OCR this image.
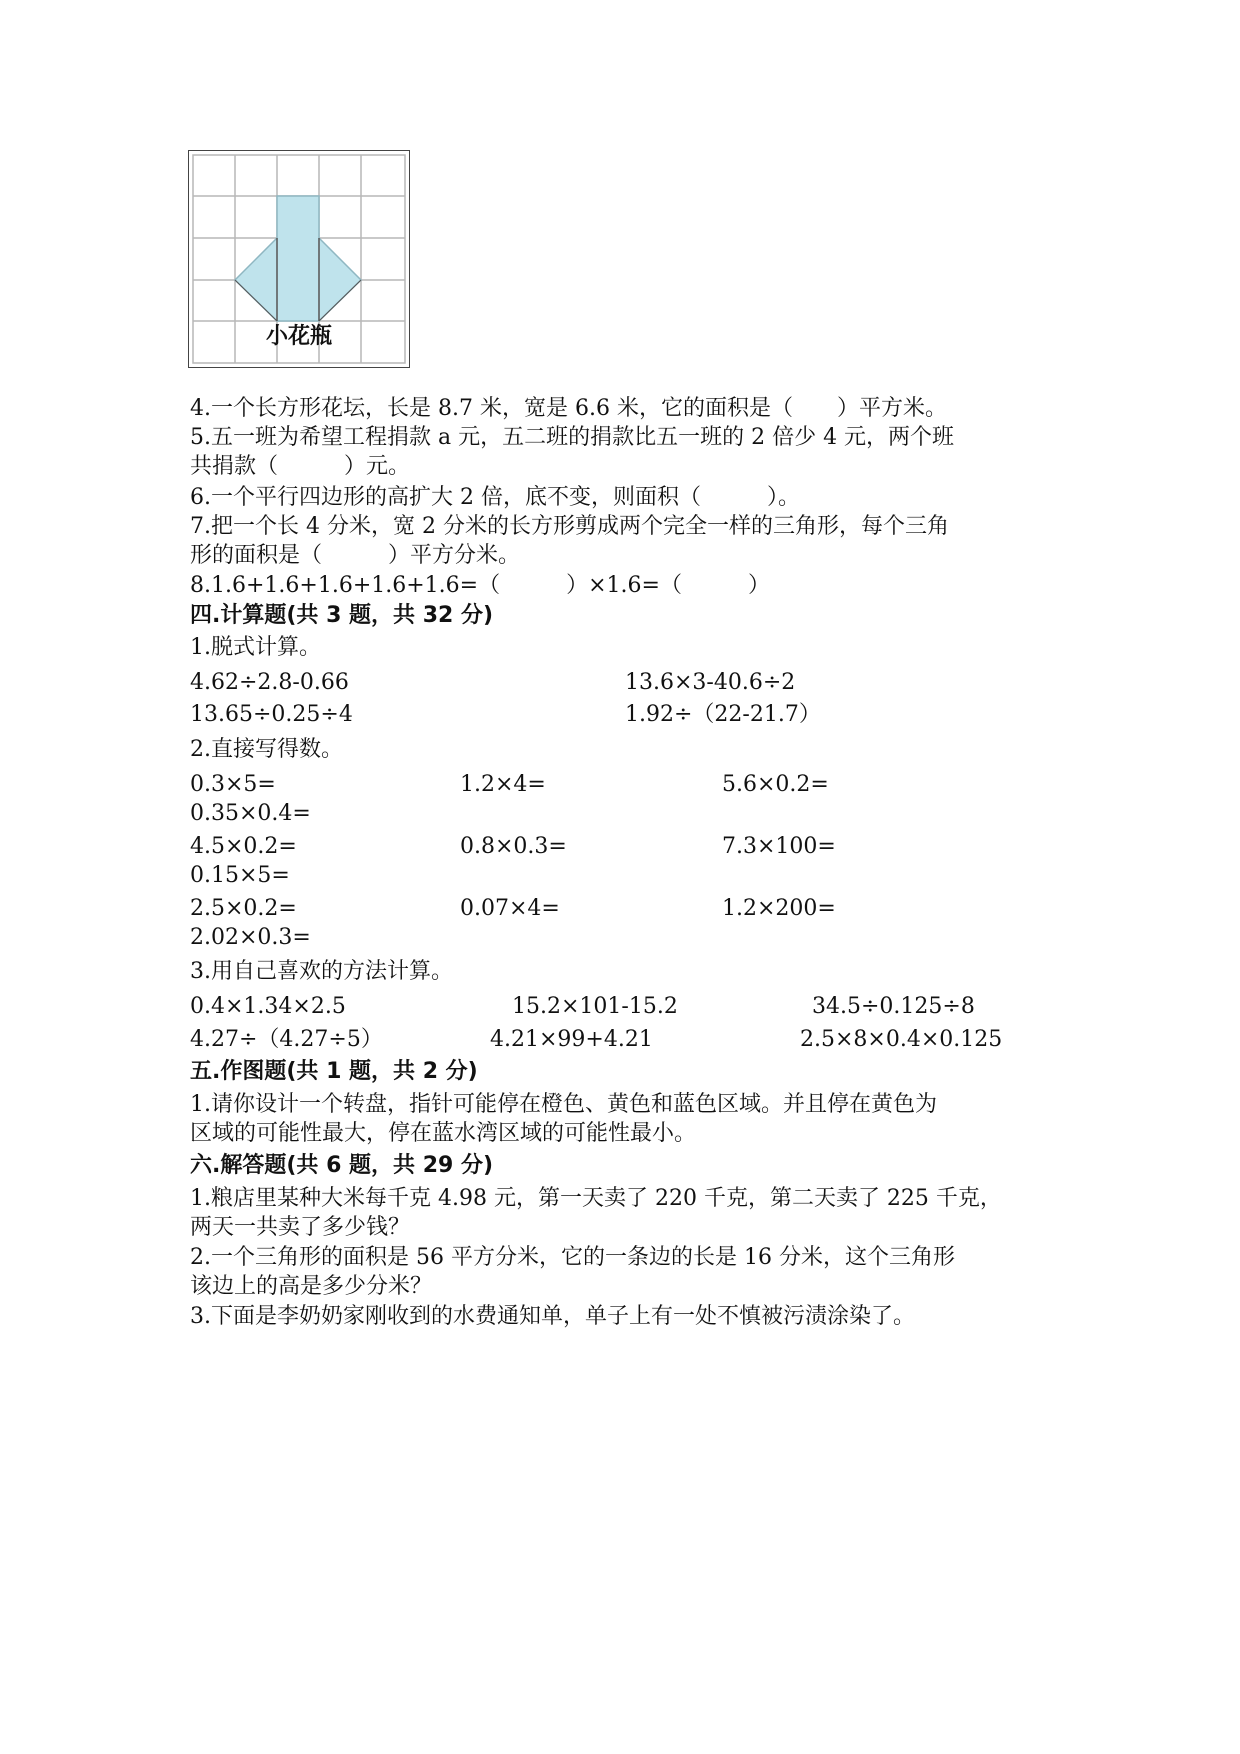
小花瓶
4.一个长方形花坛，长是 8.7 米，宽是 6.6 米，它的面积是（　　）平方米。
5.五一班为希望工程捐款 a 元，五二班的捐款比五一班的 2 倍少 4 元，两个班
共捐款（　　　）元。
6.一个平行四边形的高扩大 2 倍，底不变，则面积（　　　）。
7.把一个长 4 分米，宽 2 分米的长方形剪成两个完全一样的三角形，每个三角
形的面积是（　　　）平方分米。
8.1.6+1.6+1.6+1.6+1.6=（　　　）×1.6=（　　　）
四.计算题(共 3 题，共 32 分)
1.脱式计算。
4.62÷2.8-0.66	13.6×3-40.6÷2
13.65÷0.25÷4	1.92÷（22-21.7）
2.直接写得数。
0.3×5=	1.2×4=	5.6×0.2=
0.35×0.4=
4.5×0.2=	0.8×0.3=	7.3×100=
0.15×5=
2.5×0.2=	0.07×4=	1.2×200=
2.02×0.3=
3.用自己喜欢的方法计算。
0.4×1.34×2.5	15.2×101-15.2	34.5÷0.125÷8
4.27÷（4.27÷5）	4.21×99+4.21	2.5×8×0.4×0.125
五.作图题(共 1 题，共 2 分)
1.请你设计一个转盘，指针可能停在橙色、黄色和蓝色区域。并且停在黄色为
区域的可能性最大，停在蓝水湾区域的可能性最小。
六.解答题(共 6 题，共 29 分)
1.粮店里某种大米每千克 4.98 元，第一天卖了 220 千克，第二天卖了 225 千克，
两天一共卖了多少钱？
2.一个三角形的面积是 56 平方分米，它的一条边的长是 16 分米，这个三角形
该边上的高是多少分米？
3.下面是李奶奶家刚收到的水费通知单，单子上有一处不慎被污渍涂染了。
